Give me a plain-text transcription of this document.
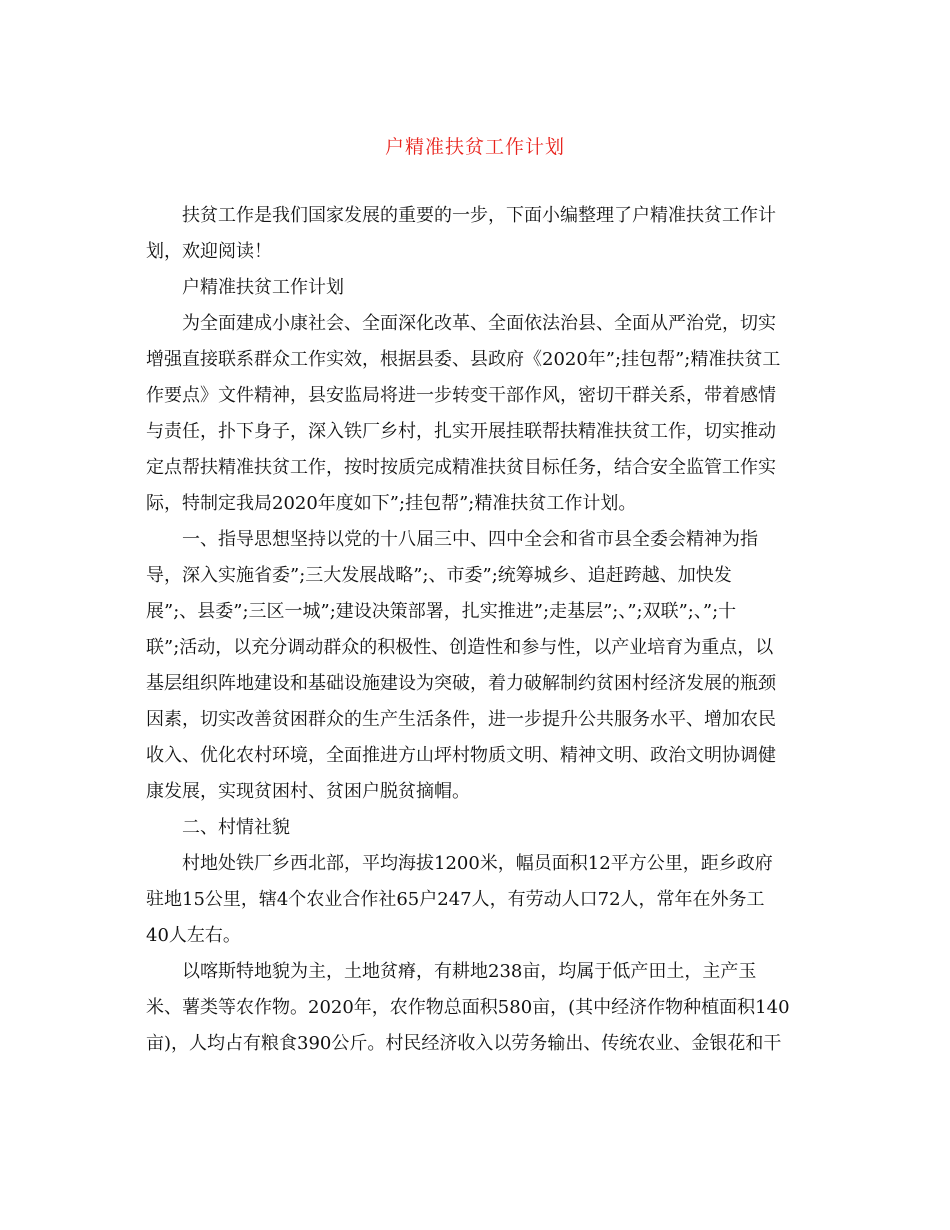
户精准扶贫工作计划

扶贫工作是我们国家发展的重要的一步，下面小编整理了户精准扶贫工作计
划，欢迎阅读！

户精准扶贫工作计划

为全面建成小康社会、全面深化改革、全面依法治县、全面从严治党，切实
增强直接联系群众工作实效，根据县委、县政府《2020年”;挂包帮”;精准扶贫工
作要点》文件精神，县安监局将进一步转变干部作风，密切干群关系，带着感情
与责任，扑下身子，深入铁厂乡村，扎实开展挂联帮扶精准扶贫工作，切实推动
定点帮扶精准扶贫工作，按时按质完成精准扶贫目标任务，结合安全监管工作实
际，特制定我局2020年度如下”;挂包帮”;精准扶贫工作计划。

一、指导思想坚持以党的十八届三中、四中全会和省市县全委会精神为指
导，深入实施省委”;三大发展战略”;、市委”;统筹城乡、追赶跨越、加快发
展”;、县委”;三区一城”;建设决策部署，扎实推进”;走基层”;、”;双联”;、”;十
联”;活动，以充分调动群众的积极性、创造性和参与性，以产业培育为重点，以
基层组织阵地建设和基础设施建设为突破，着力破解制约贫困村经济发展的瓶颈
因素，切实改善贫困群众的生产生活条件，进一步提升公共服务水平、增加农民
收入、优化农村环境，全面推进方山坪村物质文明、精神文明、政治文明协调健
康发展，实现贫困村、贫困户脱贫摘帽。

二、村情社貌

村地处铁厂乡西北部，平均海拔1200米，幅员面积12平方公里，距乡政府
驻地15公里，辖4个农业合作社65户247人，有劳动人口72人，常年在外务工
40人左右。

以喀斯特地貌为主，土地贫瘠，有耕地238亩，均属于低产田土，主产玉
米、薯类等农作物。2020年，农作物总面积580亩，(其中经济作物种植面积140
亩)，人均占有粮食390公斤。村民经济收入以劳务输出、传统农业、金银花和干
